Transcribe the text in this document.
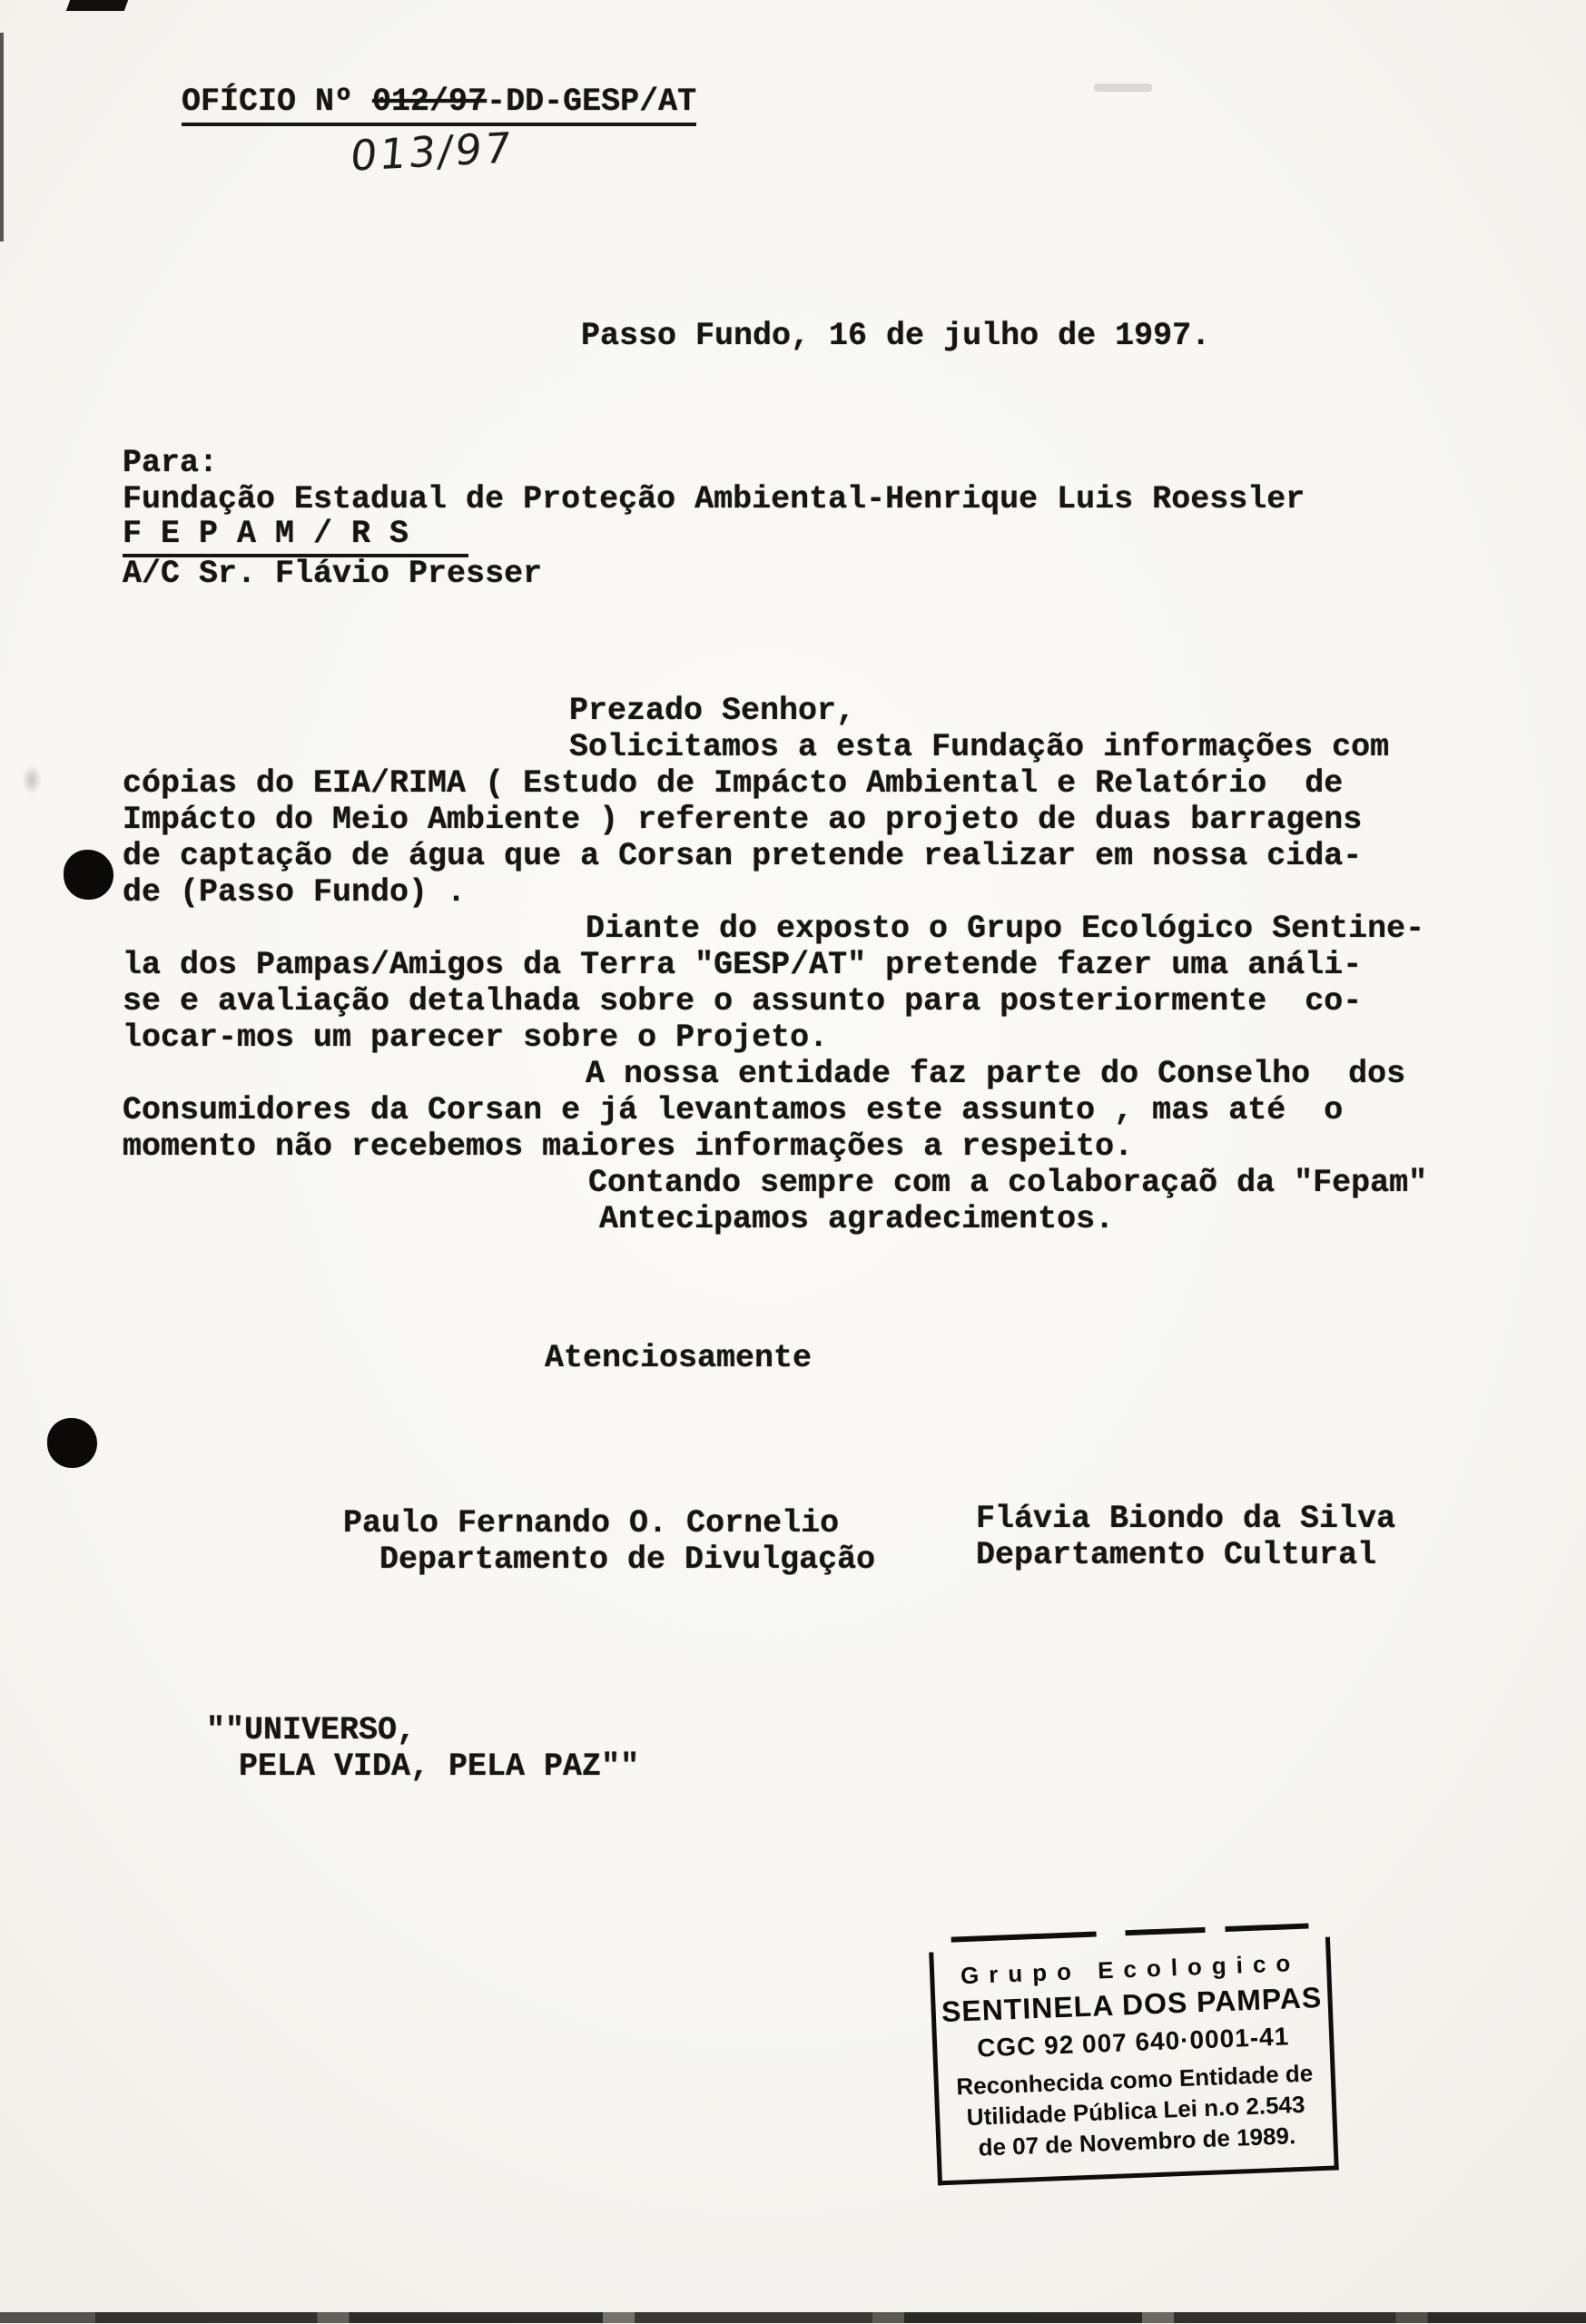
OFÍCIO Nº 012/97-DD-GESP/AT
013/97
Passo Fundo, 16 de julho de 1997.
Para:
Fundação Estadual de Proteção Ambiental-Henrique Luis Roessler
F E P A M / R S
A/C Sr. Flávio Presser
Prezado Senhor,
Solicitamos a esta Fundação informações com
cópias do EIA/RIMA ( Estudo de Impácto Ambiental e Relatório  de
Impácto do Meio Ambiente ) referente ao projeto de duas barragens
de captação de água que a Corsan pretende realizar em nossa cida-
de (Passo Fundo) .
Diante do exposto o Grupo Ecológico Sentine-
la dos Pampas/Amigos da Terra "GESP/AT" pretende fazer uma análi-
se e avaliação detalhada sobre o assunto para posteriormente  co-
locar-mos um parecer sobre o Projeto.
A nossa entidade faz parte do Conselho  dos
Consumidores da Corsan e já levantamos este assunto , mas até  o
momento não recebemos maiores informações a respeito.
Contando sempre com a colaboraçaõ da "Fepam"
Antecipamos agradecimentos.
Atenciosamente
Paulo Fernando O. Cornelio
Departamento de Divulgação
Flávia Biondo da Silva
Departamento Cultural
""UNIVERSO,
PELA VIDA, PELA PAZ""
Grupo Ecologico
SENTINELA DOS PAMPAS
CGC 92 007 640·0001-41
Reconhecida como Entidade de
Utilidade Pública Lei n.o 2.543
de 07 de Novembro de 1989.
